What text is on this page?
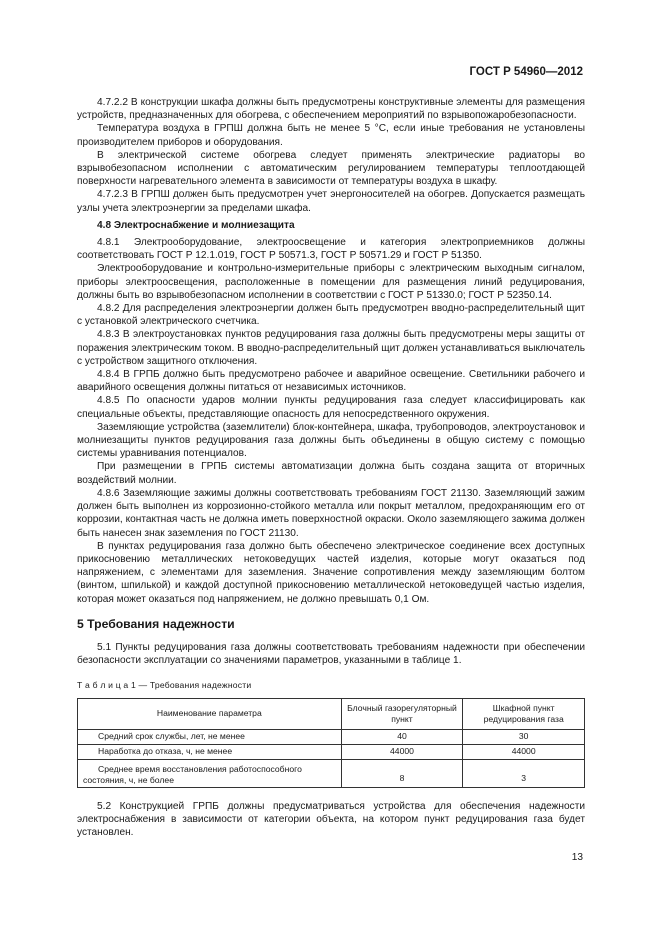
ГОСТ Р 54960—2012

4.7.2.2 В конструкции шкафа должны быть предусмотрены конструктивные элементы для размещения устройств, предназначенных для обогрева, с обеспечением мероприятий по взрывопожаробезопасности.

Температура воздуха в ГРПШ должна быть не менее 5 °С, если иные требования не установлены производителем приборов и оборудования.

В электрической системе обогрева следует применять электрические радиаторы во взрывобезопасном исполнении с автоматическим регулированием температуры теплоотдающей поверхности нагревательного элемента в зависимости от температуры воздуха в шкафу.

4.7.2.3 В ГРПШ должен быть предусмотрен учет энергоносителей на обогрев. Допускается размещать узлы учета электроэнергии за пределами шкафа.

4.8 Электроснабжение и молниезащита

4.8.1 Электрооборудование, электроосвещение и категория электроприемников должны соответствовать ГОСТ Р 12.1.019, ГОСТ Р 50571.3, ГОСТ Р 50571.29 и ГОСТ Р 51350.

Электрооборудование и контрольно-измерительные приборы с электрическим выходным сигналом, приборы электроосвещения, расположенные в помещении для размещения линий редуцирования, должны быть во взрывобезопасном исполнении в соответствии с ГОСТ Р 51330.0; ГОСТ Р 52350.14.

4.8.2 Для распределения электроэнергии должен быть предусмотрен вводно-распределительный щит с установкой электрического счетчика.

4.8.3 В электроустановках пунктов редуцирования газа должны быть предусмотрены меры защиты от поражения электрическим током. В вводно-распределительный щит должен устанавливаться выключатель с устройством защитного отключения.

4.8.4 В ГРПБ должно быть предусмотрено рабочее и аварийное освещение. Светильники рабочего и аварийного освещения должны питаться от независимых источников.

4.8.5 По опасности ударов молнии пункты редуцирования газа следует классифицировать как специальные объекты, представляющие опасность для непосредственного окружения.

Заземляющие устройства (заземлители) блок-контейнера, шкафа, трубопроводов, электроустановок и молниезащиты пунктов редуцирования газа должны быть объединены в общую систему с помощью системы уравнивания потенциалов.

При размещении в ГРПБ системы автоматизации должна быть создана защита от вторичных воздействий молнии.

4.8.6 Заземляющие зажимы должны соответствовать требованиям ГОСТ 21130. Заземляющий зажим должен быть выполнен из коррозионно-стойкого металла или покрыт металлом, предохраняющим его от коррозии, контактная часть не должна иметь поверхностной окраски. Около заземляющего зажима должен быть нанесен знак заземления по ГОСТ 21130.

В пунктах редуцирования газа должно быть обеспечено электрическое соединение всех доступных прикосновению металлических нетоковедущих частей изделия, которые могут оказаться под напряжением, с элементами для заземления. Значение сопротивления между заземляющим болтом (винтом, шпилькой) и каждой доступной прикосновению металлической нетоковедущей частью изделия, которая может оказаться под напряжением, не должно превышать 0,1 Ом.

5 Требования надежности

5.1 Пункты редуцирования газа должны соответствовать требованиям надежности при обеспечении безопасности эксплуатации со значениями параметров, указанными в таблице 1.

Т а б л и ц а 1 — Требования надежности

Наименование параметра	Блочный газорегуляторный пункт	Шкафной пункт редуцирования газа
Средний срок службы, лет, не менее	40	30
Наработка до отказа, ч, не менее	44000	44000
Среднее время восстановления работоспособного состояния, ч, не более	8	3

5.2 Конструкцией ГРПБ должны предусматриваться устройства для обеспечения надежности электроснабжения в зависимости от категории объекта, на котором пункт редуцирования газа будет установлен.

13
